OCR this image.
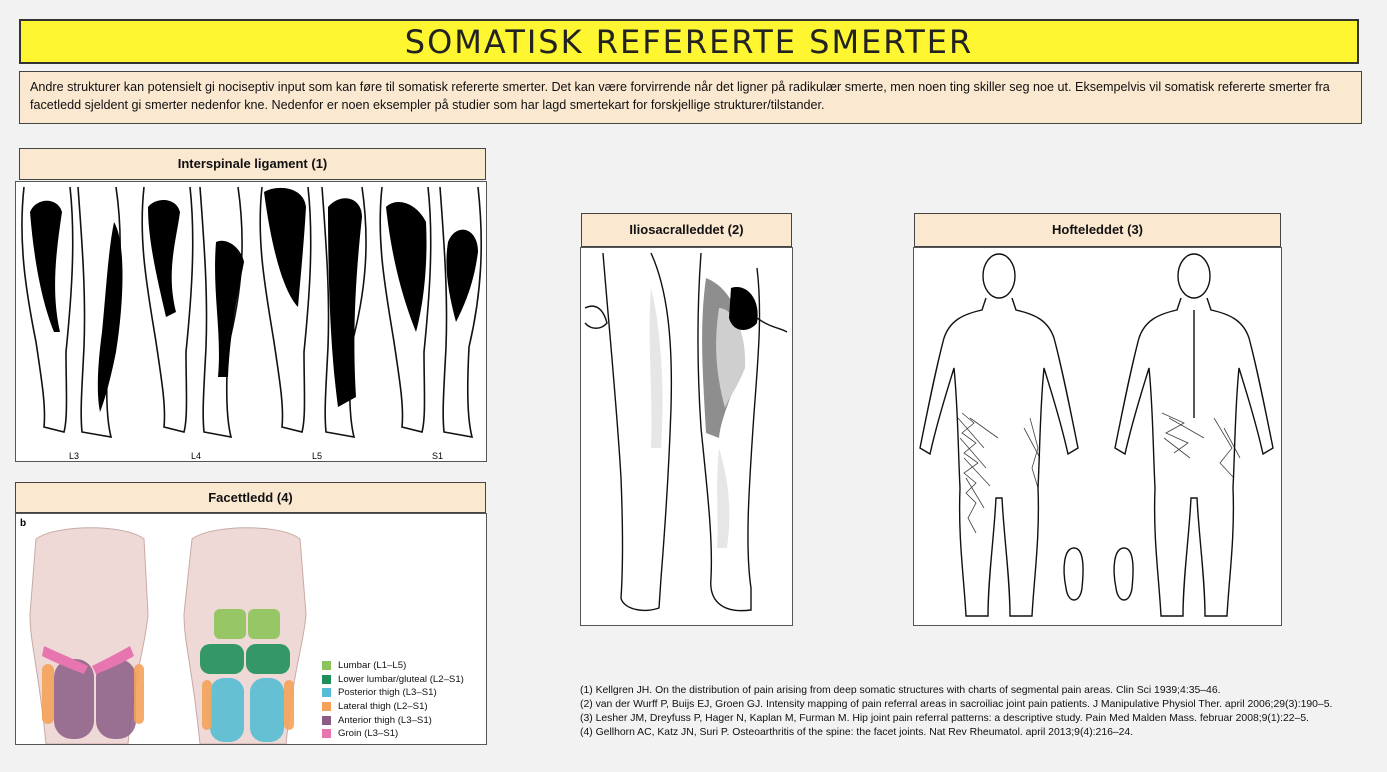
SOMATISK REFERERTE SMERTER
Andre strukturer kan potensielt gi nociseptiv input som kan føre til somatisk refererte smerter. Det kan være forvirrende når det ligner på radikulær smerte, men noen ting skiller seg noe ut. Eksempelvis vil somatisk refererte smerter fra facetledd sjeldent gi smerter nedenfor kne. Nedenfor er noen eksempler på studier som har lagd smertekart for forskjellige strukturer/tilstander.
Interspinale ligament (1)
L3	L4	L5	S1
Facettledd (4)
b
Lumbar (L1–L5)
Lower lumbar/gluteal (L2–S1)
Posterior thigh (L3–S1)
Lateral thigh (L2–S1)
Anterior thigh (L3–S1)
Groin (L3–S1)
Iliosacralleddet (2)	Hofteleddet (3)
(1) Kellgren JH. On the distribution of pain arising from deep somatic structures with charts of segmental pain areas. Clin Sci 1939;4:35–46.
(2) van der Wurff P, Buijs EJ, Groen GJ. Intensity mapping of pain referral areas in sacroiliac joint pain patients. J Manipulative Physiol Ther. april 2006;29(3):190–5.
(3) Lesher JM, Dreyfuss P, Hager N, Kaplan M, Furman M. Hip joint pain referral patterns: a descriptive study. Pain Med Malden Mass. februar 2008;9(1):22–5.
(4) Gellhorn AC, Katz JN, Suri P. Osteoarthritis of the spine: the facet joints. Nat Rev Rheumatol. april 2013;9(4):216–24.
